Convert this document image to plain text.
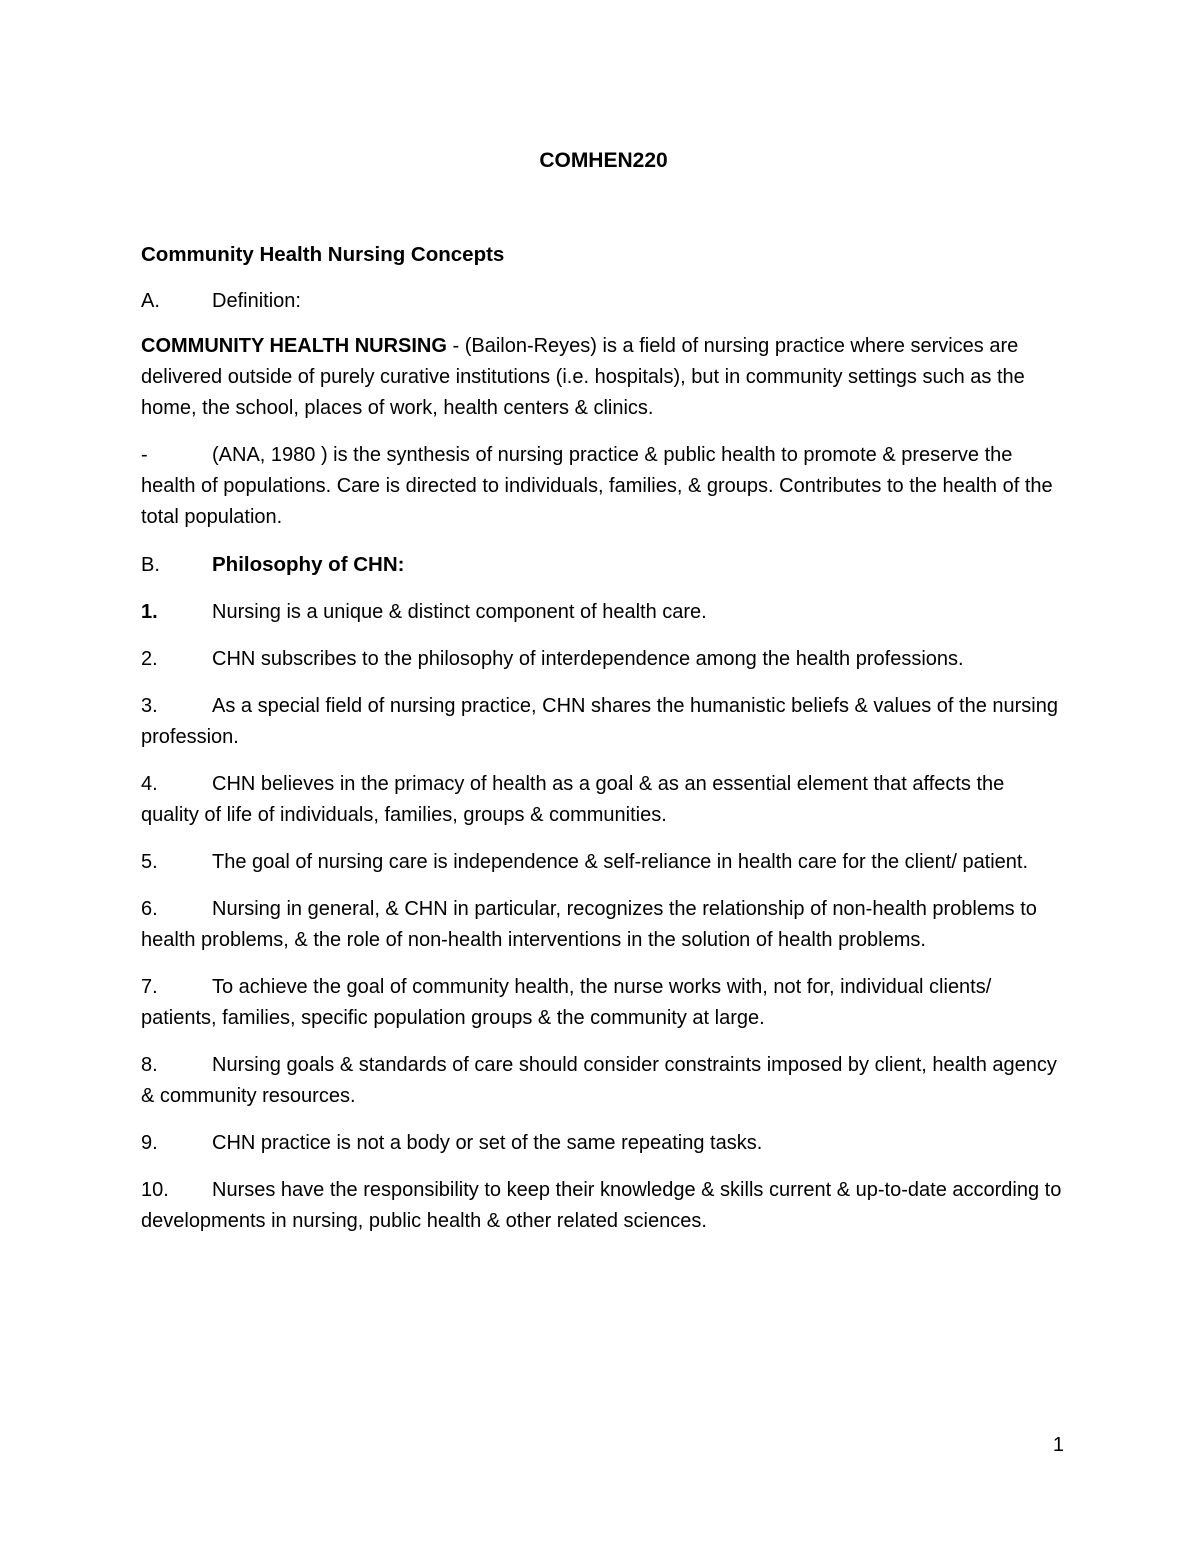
COMHEN220

Community Health Nursing Concepts

A.	Definition:

COMMUNITY HEALTH NURSING - (Bailon-Reyes) is a field of nursing practice where services are delivered outside of purely curative institutions (i.e. hospitals), but in community settings such as the home, the school, places of work, health centers & clinics.

-	(ANA, 1980 ) is the synthesis of nursing practice & public health to promote & preserve the health of populations. Care is directed to individuals, families, & groups. Contributes to the health of the total population.

B.	Philosophy of CHN:

1.	Nursing is a unique & distinct component of health care.

2.	CHN subscribes to the philosophy of interdependence among the health professions.

3.	As a special field of nursing practice, CHN shares the humanistic beliefs & values of the nursing profession.

4.	CHN believes in the primacy of health as a goal & as an essential element that affects the quality of life of individuals, families, groups & communities.

5.	The goal of nursing care is independence & self-reliance in health care for the client/ patient.

6.	Nursing in general, & CHN in particular, recognizes the relationship of non-health problems to health problems, & the role of non-health interventions in the solution of health problems.

7.	To achieve the goal of community health, the nurse works with, not for, individual clients/ patients, families, specific population groups & the community at large.

8.	Nursing goals & standards of care should consider constraints imposed by client, health agency & community resources.

9.	CHN practice is not a body or set of the same repeating tasks.

10. Nurses have the responsibility to keep their knowledge & skills current & up-to-date according to developments in nursing, public health & other related sciences.

1
